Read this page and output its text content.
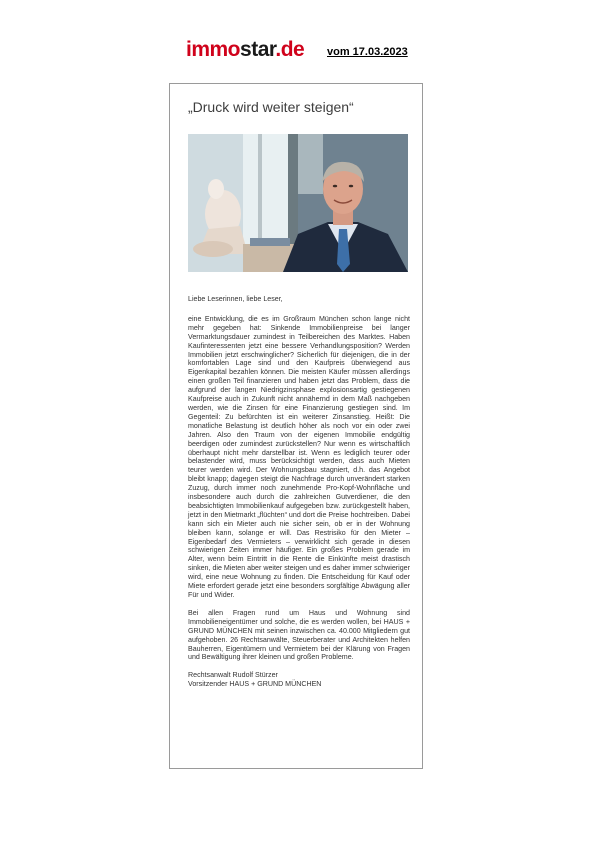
immostar.de vom 17.03.2023
„Druck wird weiter steigen“

Liebe Leserinnen, liebe Leser,

eine Entwicklung, die es im Großraum München schon lange nicht mehr gegeben hat: Sinkende Immobilienpreise bei langer Vermarktungsdauer zumindest in Teilbereichen des Marktes. Haben Kaufinteressenten jetzt eine bessere Verhandlungsposition? Werden Immobilien jetzt erschwinglicher? Sicherlich für diejenigen, die in der komfortablen Lage sind und den Kaufpreis überwiegend aus Eigenkapital bezahlen können. Die meisten Käufer müssen allerdings einen großen Teil finanzieren und haben jetzt das Problem, dass die aufgrund der langen Niedrigzinsphase explosionsartig gestiegenen Kaufpreise auch in Zukunft nicht annähernd in dem Maß nachgeben werden, wie die Zinsen für eine Finanzierung gestiegen sind. Im Gegenteil: Zu befürchten ist ein weiterer Zinsanstieg. Heißt: Die monatliche Belastung ist deutlich höher als noch vor ein oder zwei Jahren. Also den Traum von der eigenen Immobilie endgültig beerdigen oder zumindest zurückstellen? Nur wenn es wirtschaftlich überhaupt nicht mehr darstellbar ist. Wenn es lediglich teurer oder belastender wird, muss berücksichtigt werden, dass auch Mieten teurer werden wird. Der Wohnungsbau stagniert, d.h. das Angebot bleibt knapp; dagegen steigt die Nachfrage durch unverändert starken Zuzug, durch immer noch zunehmende Pro-Kopf-Wohnfläche und insbesondere auch durch die zahlreichen Gutverdiener, die den beabsichtigten Immobilienkauf aufgegeben bzw. zurückgestellt haben, jetzt in den Mietmarkt „flüchten“ und dort die Preise hochtreiben. Dabei kann sich ein Mieter auch nie sicher sein, ob er in der Wohnung bleiben kann, solange er will. Das Restrisiko für den Mieter – Eigenbedarf des Vermieters – verwirklicht sich gerade in diesen schwierigen Zeiten immer häufiger. Ein großes Problem gerade im Alter, wenn beim Eintritt in die Rente die Einkünfte meist drastisch sinken, die Mieten aber weiter steigen und es daher immer schwieriger wird, eine neue Wohnung zu finden. Die Entscheidung für Kauf oder Miete erfordert gerade jetzt eine besonders sorgfältige Abwägung aller Für und Wider.

Bei allen Fragen rund um Haus und Wohnung sind Immobilieneigentümer und solche, die es werden wollen, bei HAUS + GRUND MÜNCHEN mit seinen inzwischen ca. 40.000 Mitgliedern gut aufgehoben. 26 Rechtsanwälte, Steuerberater und Architekten helfen Bauherren, Eigentümern und Vermietern bei der Klärung von Fragen und Bewältigung ihrer kleinen und großen Probleme.

Rechtsanwalt Rudolf Stürzer

Vorsitzender HAUS + GRUND MÜNCHEN
